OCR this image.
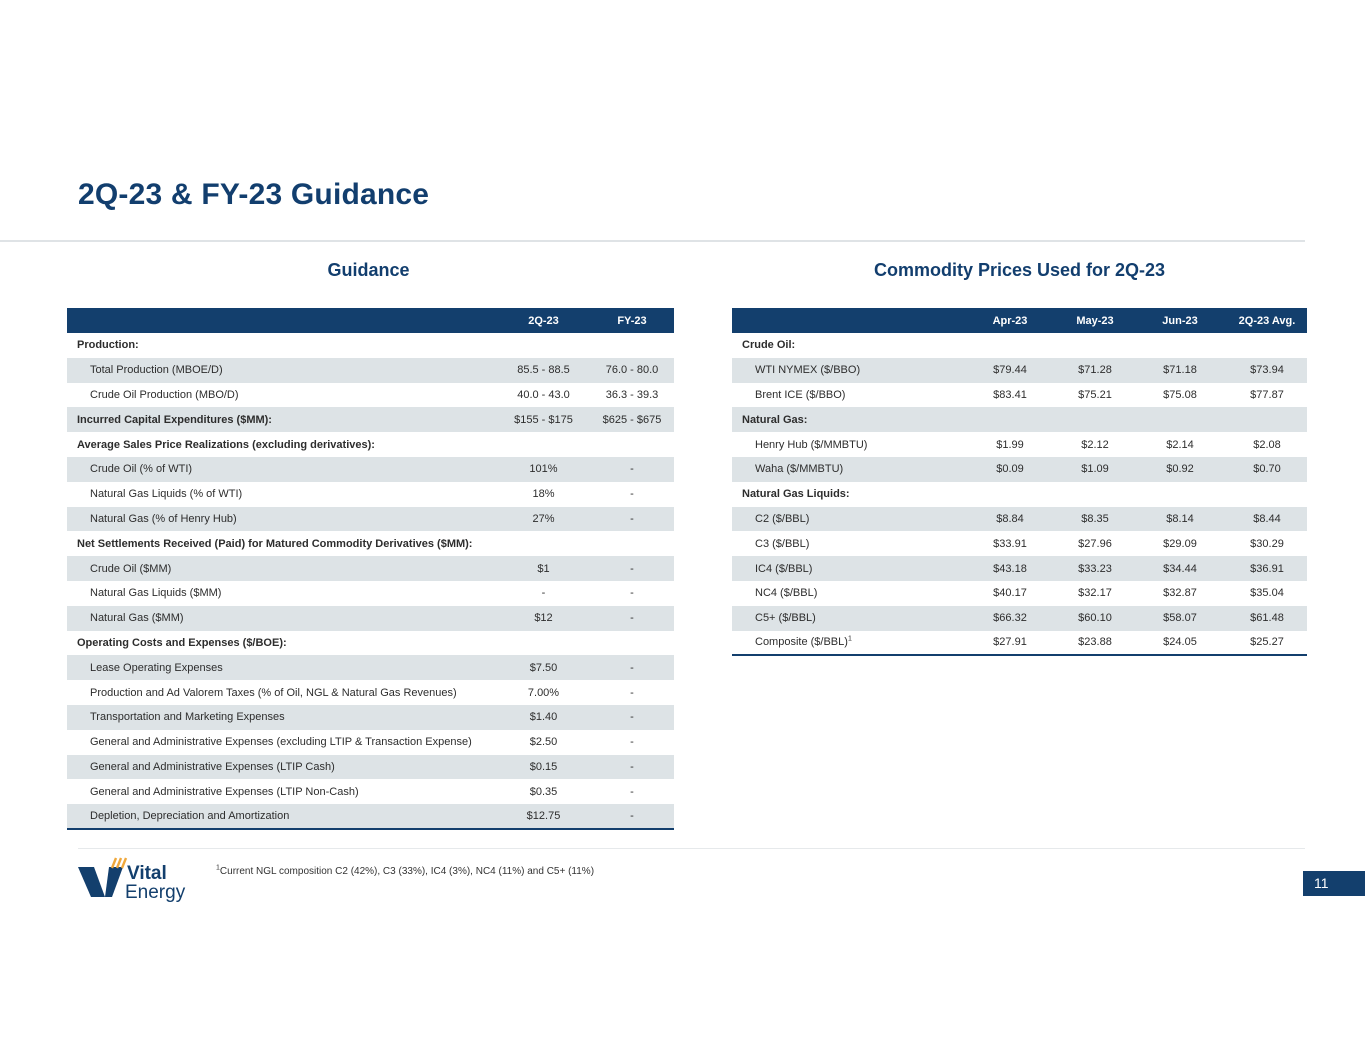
2Q-23 & FY-23 Guidance
Guidance	Commodity Prices Used for 2Q-23
	2Q-23	FY-23
Production:		
Total Production (MBOE/D)	85.5 - 88.5	76.0 - 80.0
Crude Oil Production (MBO/D)	40.0 - 43.0	36.3 - 39.3
Incurred Capital Expenditures ($MM):	$155 - $175	$625 - $675
Average Sales Price Realizations (excluding derivatives):		
Crude Oil (% of WTI)	101%	-
Natural Gas Liquids (% of WTI)	18%	-
Natural Gas (% of Henry Hub)	27%	-
Net Settlements Received (Paid) for Matured Commodity Derivatives ($MM):		
Crude Oil ($MM)	$1	-
Natural Gas Liquids ($MM)	-	-
Natural Gas ($MM)	$12	-
Operating Costs and Expenses ($/BOE):		
Lease Operating Expenses	$7.50	-
Production and Ad Valorem Taxes (% of Oil, NGL & Natural Gas Revenues)	7.00%	-
Transportation and Marketing Expenses	$1.40	-
General and Administrative Expenses (excluding LTIP & Transaction Expense)	$2.50	-
General and Administrative Expenses (LTIP Cash)	$0.15	-
General and Administrative Expenses (LTIP Non-Cash)	$0.35	-
Depletion, Depreciation and Amortization	$12.75	-
	Apr-23	May-23	Jun-23	2Q-23 Avg.
Crude Oil:				
WTI NYMEX ($/BBO)	$79.44	$71.28	$71.18	$73.94
Brent ICE ($/BBO)	$83.41	$75.21	$75.08	$77.87
Natural Gas:				
Henry Hub ($/MMBTU)	$1.99	$2.12	$2.14	$2.08
Waha ($/MMBTU)	$0.09	$1.09	$0.92	$0.70
Natural Gas Liquids:				
C2 ($/BBL)	$8.84	$8.35	$8.14	$8.44
C3 ($/BBL)	$33.91	$27.96	$29.09	$30.29
IC4 ($/BBL)	$43.18	$33.23	$34.44	$36.91
NC4 ($/BBL)	$40.17	$32.17	$32.87	$35.04
C5+ ($/BBL)	$66.32	$60.10	$58.07	$61.48
Composite ($/BBL)$^1$	$27.91	$23.88	$24.05	$25.27
Vital
Energy
$^1$Current NGL composition C2 (42%), C3 (33%), IC4 (3%), NC4 (11%) and C5+ (11%)
11
